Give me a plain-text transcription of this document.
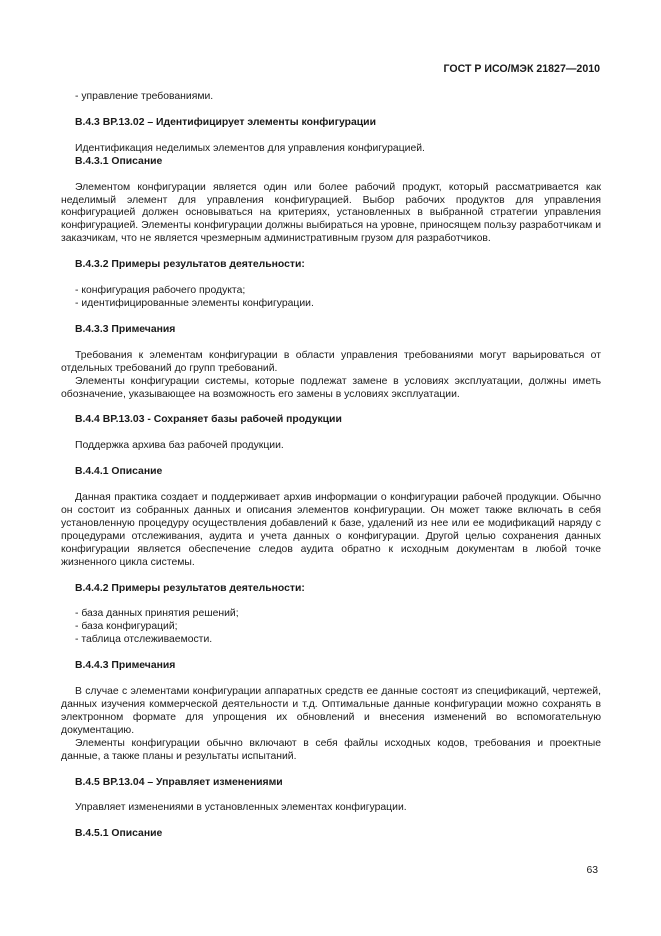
ГОСТ Р ИСО/МЭК 21827—2010

- управление требованиями.

В.4.3 ВР.13.02 – Идентифицирует элементы конфигурации

Идентификация неделимых элементов для управления конфигурацией.

В.4.3.1 Описание

Элементом конфигурации является один или более рабочий продукт, который рассматривается как неделимый элемент для управления конфигурацией. Выбор рабочих продуктов для управления конфигурацией должен основываться на критериях, установленных в выбранной стратегии управления конфигурацией. Элементы конфигурации должны выбираться на уровне, приносящем пользу разработчикам и заказчикам, что не является чрезмерным административным грузом для разработчиков.

В.4.3.2 Примеры результатов деятельности:

- конфигурация рабочего продукта;
- идентифицированные элементы конфигурации.

В.4.3.3 Примечания

Требования к элементам конфигурации в области управления требованиями могут варьироваться от отдельных требований до групп требований.

Элементы конфигурации системы, которые подлежат замене в условиях эксплуатации, должны иметь обозначение, указывающее на возможность его замены в условиях эксплуатации.

В.4.4 ВР.13.03 - Сохраняет базы рабочей продукции

Поддержка архива баз рабочей продукции.

В.4.4.1 Описание

Данная практика создает и поддерживает архив информации о конфигурации рабочей продукции. Обычно он состоит из собранных данных и описания элементов конфигурации. Он может также включать в себя установленную процедуру осуществления добавлений к базе, удалений из нее или ее модификаций наряду с процедурами отслеживания, аудита и учета данных о конфигурации. Другой целью сохранения данных конфигурации является обеспечение следов аудита обратно к исходным документам в любой точке жизненного цикла системы.

В.4.4.2 Примеры результатов деятельности:

- база данных принятия решений;
- база конфигураций;
- таблица отслеживаемости.

В.4.4.3 Примечания

В случае с элементами конфигурации аппаратных средств ее данные состоят из спецификаций, чертежей, данных изучения коммерческой деятельности и т.д. Оптимальные данные конфигурации можно сохранять в электронном формате для упрощения их обновлений и внесения изменений во вспомогательную документацию.

Элементы конфигурации обычно включают в себя файлы исходных кодов, требования и проектные данные, а также планы и результаты испытаний.

В.4.5 ВР.13.04 – Управляет изменениями

Управляет изменениями в установленных элементах конфигурации.

В.4.5.1 Описание

63
